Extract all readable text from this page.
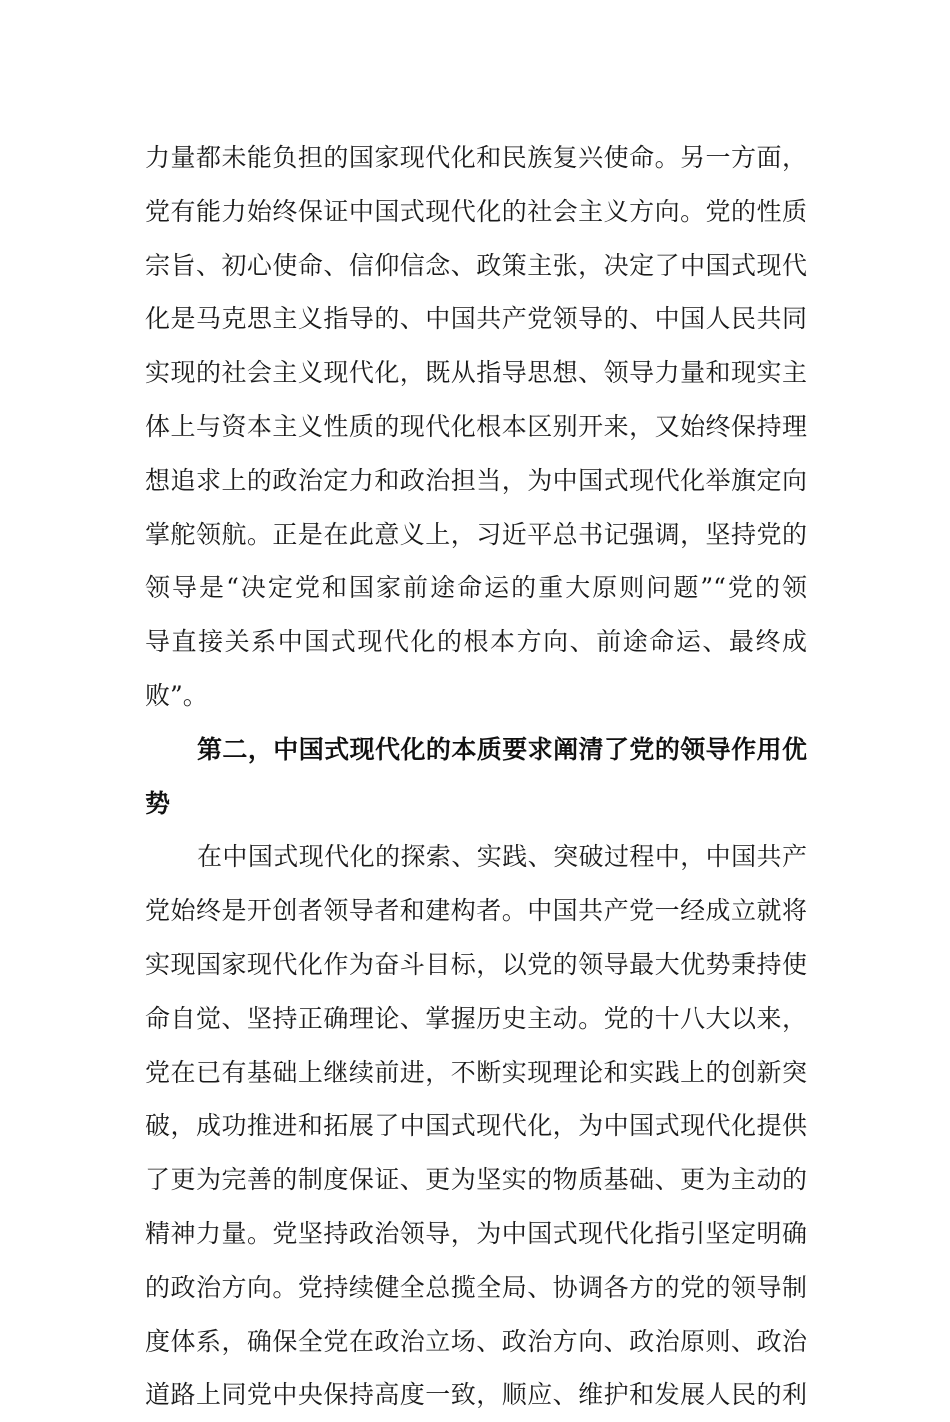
力量都未能负担的国家现代化和民族复兴使命。另一方面，
党有能力始终保证中国式现代化的社会主义方向。党的性质
宗旨、初心使命、信仰信念、政策主张，决定了中国式现代
化是马克思主义指导的、中国共产党领导的、中国人民共同
实现的社会主义现代化，既从指导思想、领导力量和现实主
体上与资本主义性质的现代化根本区别开来，又始终保持理
想追求上的政治定力和政治担当，为中国式现代化举旗定向
掌舵领航。正是在此意义上，习近平总书记强调，坚持党的
领导是“决定党和国家前途命运的重大原则问题”“党的领
导直接关系中国式现代化的根本方向、前途命运、最终成
败”。
第二，中国式现代化的本质要求阐清了党的领导作用优
势
在中国式现代化的探索、实践、突破过程中，中国共产
党始终是开创者领导者和建构者。中国共产党一经成立就将
实现国家现代化作为奋斗目标，以党的领导最大优势秉持使
命自觉、坚持正确理论、掌握历史主动。党的十八大以来，
党在已有基础上继续前进，不断实现理论和实践上的创新突
破，成功推进和拓展了中国式现代化，为中国式现代化提供
了更为完善的制度保证、更为坚实的物质基础、更为主动的
精神力量。党坚持政治领导，为中国式现代化指引坚定明确
的政治方向。党持续健全总揽全局、协调各方的党的领导制
度体系，确保全党在政治立场、政治方向、政治原则、政治
道路上同党中央保持高度一致，顺应、维护和发展人民的利
